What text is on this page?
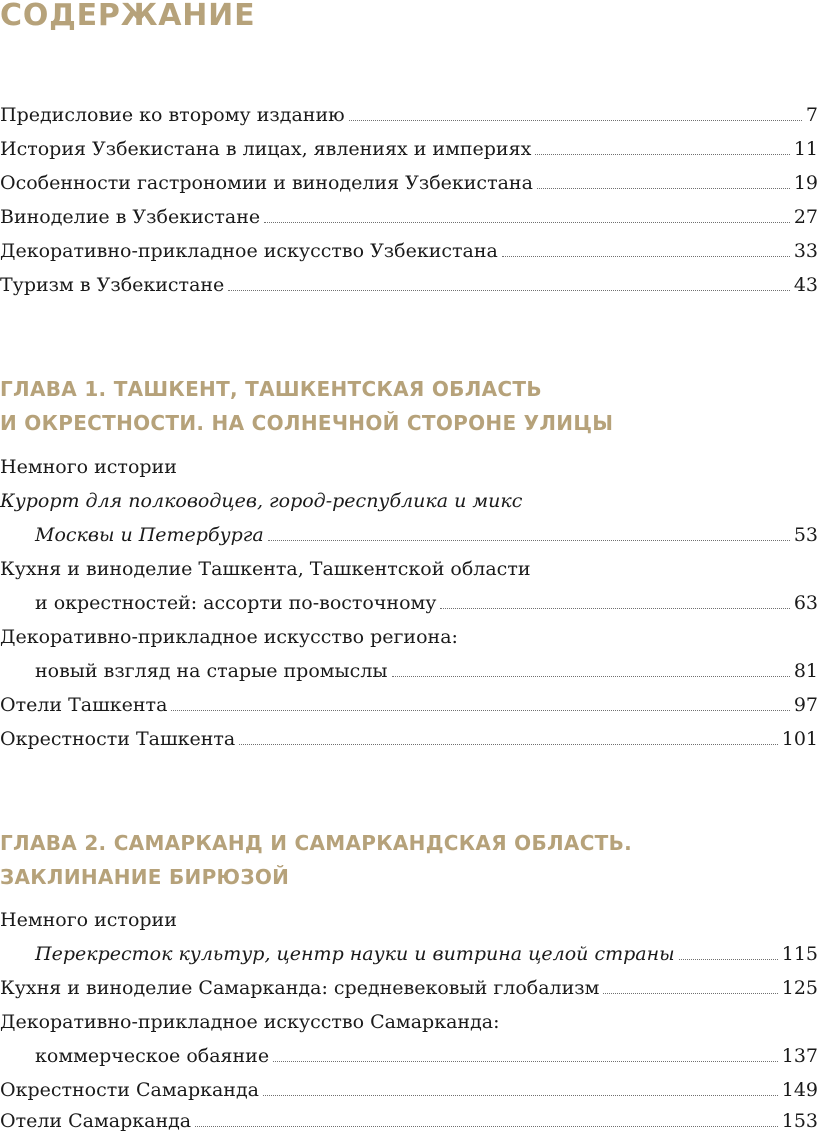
СОДЕРЖАНИЕ
Предисловие ко второму изданию	7
История Узбекистана в лицах, явлениях и империях	11
Особенности гастрономии и виноделия Узбекистана	19
Виноделие в Узбекистане	27
Декоративно-прикладное искусство Узбекистана	33
Туризм в Узбекистане	43
ГЛАВА 1. ТАШКЕНТ, ТАШКЕНТСКАЯ ОБЛАСТЬ
И ОКРЕСТНОСТИ. НА СОЛНЕЧНОЙ СТОРОНЕ УЛИЦЫ
Немного истории
Курорт для полководцев, город-республика и микс
Москвы и Петербурга	53
Кухня и виноделие Ташкента, Ташкентской области
и окрестностей: ассорти по-восточному	63
Декоративно-прикладное искусство региона:
новый взгляд на старые промыслы	81
Отели Ташкента	97
Окрестности Ташкента	101
ГЛАВА 2. САМАРКАНД И САМАРКАНДСКАЯ ОБЛАСТЬ.
ЗАКЛИНАНИЕ БИРЮЗОЙ
Немного истории
Перекресток культур, центр науки и витрина целой страны	115
Кухня и виноделие Самарканда: средневековый глобализм	125
Декоративно-прикладное искусство Самарканда:
коммерческое обаяние	137
Окрестности Самарканда	149
Отели Самарканда	153
